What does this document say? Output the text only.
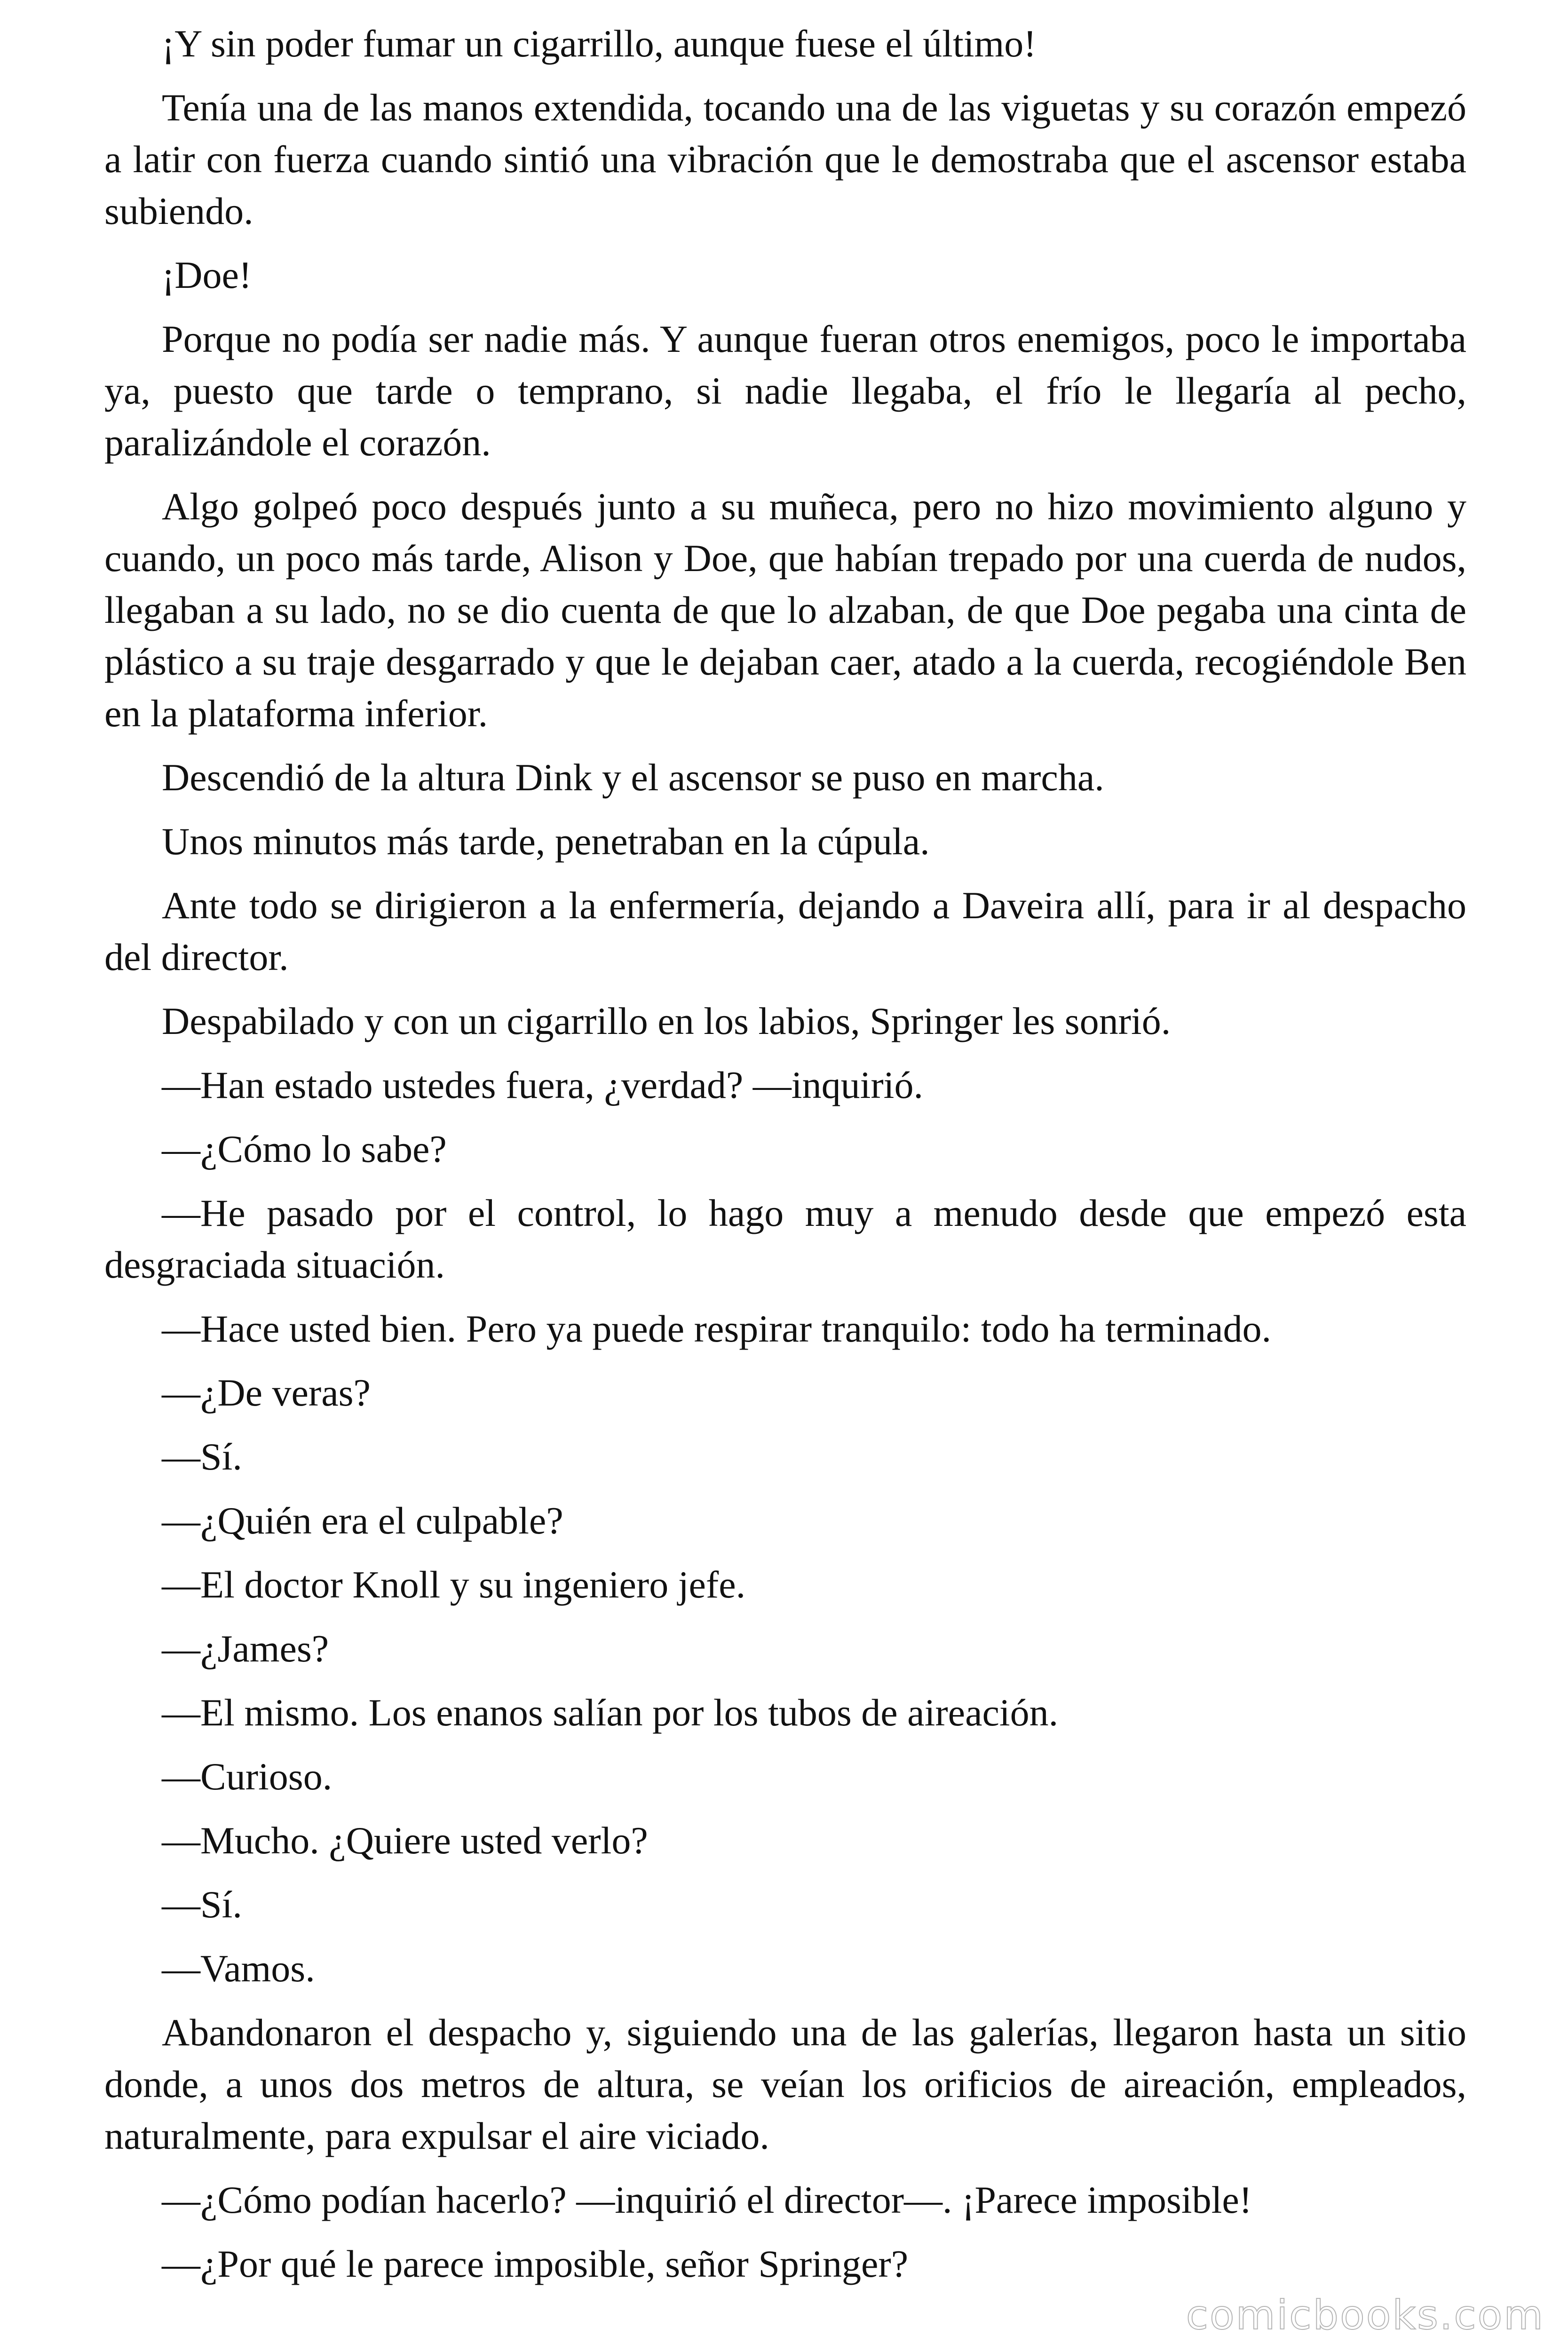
¡Y sin poder fumar un cigarrillo, aunque fuese el último!

Tenía una de las manos extendida, tocando una de las viguetas y su corazón empezó a latir con fuerza cuando sintió una vibración que le demostraba que el ascensor estaba subiendo.

¡Doe!

Porque no podía ser nadie más. Y aunque fueran otros enemigos, poco le importaba ya, puesto que tarde o temprano, si nadie llegaba, el frío le llegaría al pecho, paralizándole el corazón.

Algo golpeó poco después junto a su muñeca, pero no hizo movimiento alguno y cuando, un poco más tarde, Alison y Doe, que habían trepado por una cuerda de nudos, llegaban a su lado, no se dio cuenta de que lo alzaban, de que Doe pegaba una cinta de plástico a su traje desgarrado y que le dejaban caer, atado a la cuerda, recogiéndole Ben en la plataforma inferior.

Descendió de la altura Dink y el ascensor se puso en marcha.

Unos minutos más tarde, penetraban en la cúpula.

Ante todo se dirigieron a la enfermería, dejando a Daveira allí, para ir al despacho del director.

Despabilado y con un cigarrillo en los labios, Springer les sonrió.

—Han estado ustedes fuera, ¿verdad? —inquirió.

—¿Cómo lo sabe?

—He pasado por el control, lo hago muy a menudo desde que empezó esta desgraciada situación.

—Hace usted bien. Pero ya puede respirar tranquilo: todo ha terminado.

—¿De veras?

—Sí.

—¿Quién era el culpable?

—El doctor Knoll y su ingeniero jefe.

—¿James?

—El mismo. Los enanos salían por los tubos de aireación.

—Curioso.

—Mucho. ¿Quiere usted verlo?

—Sí.

—Vamos.

Abandonaron el despacho y, siguiendo una de las galerías, llegaron hasta un sitio donde, a unos dos metros de altura, se veían los orificios de aireación, empleados, naturalmente, para expulsar el aire viciado.

—¿Cómo podían hacerlo? —inquirió el director—. ¡Parece imposible!

—¿Por qué le parece imposible, señor Springer?

comicbooks.com
